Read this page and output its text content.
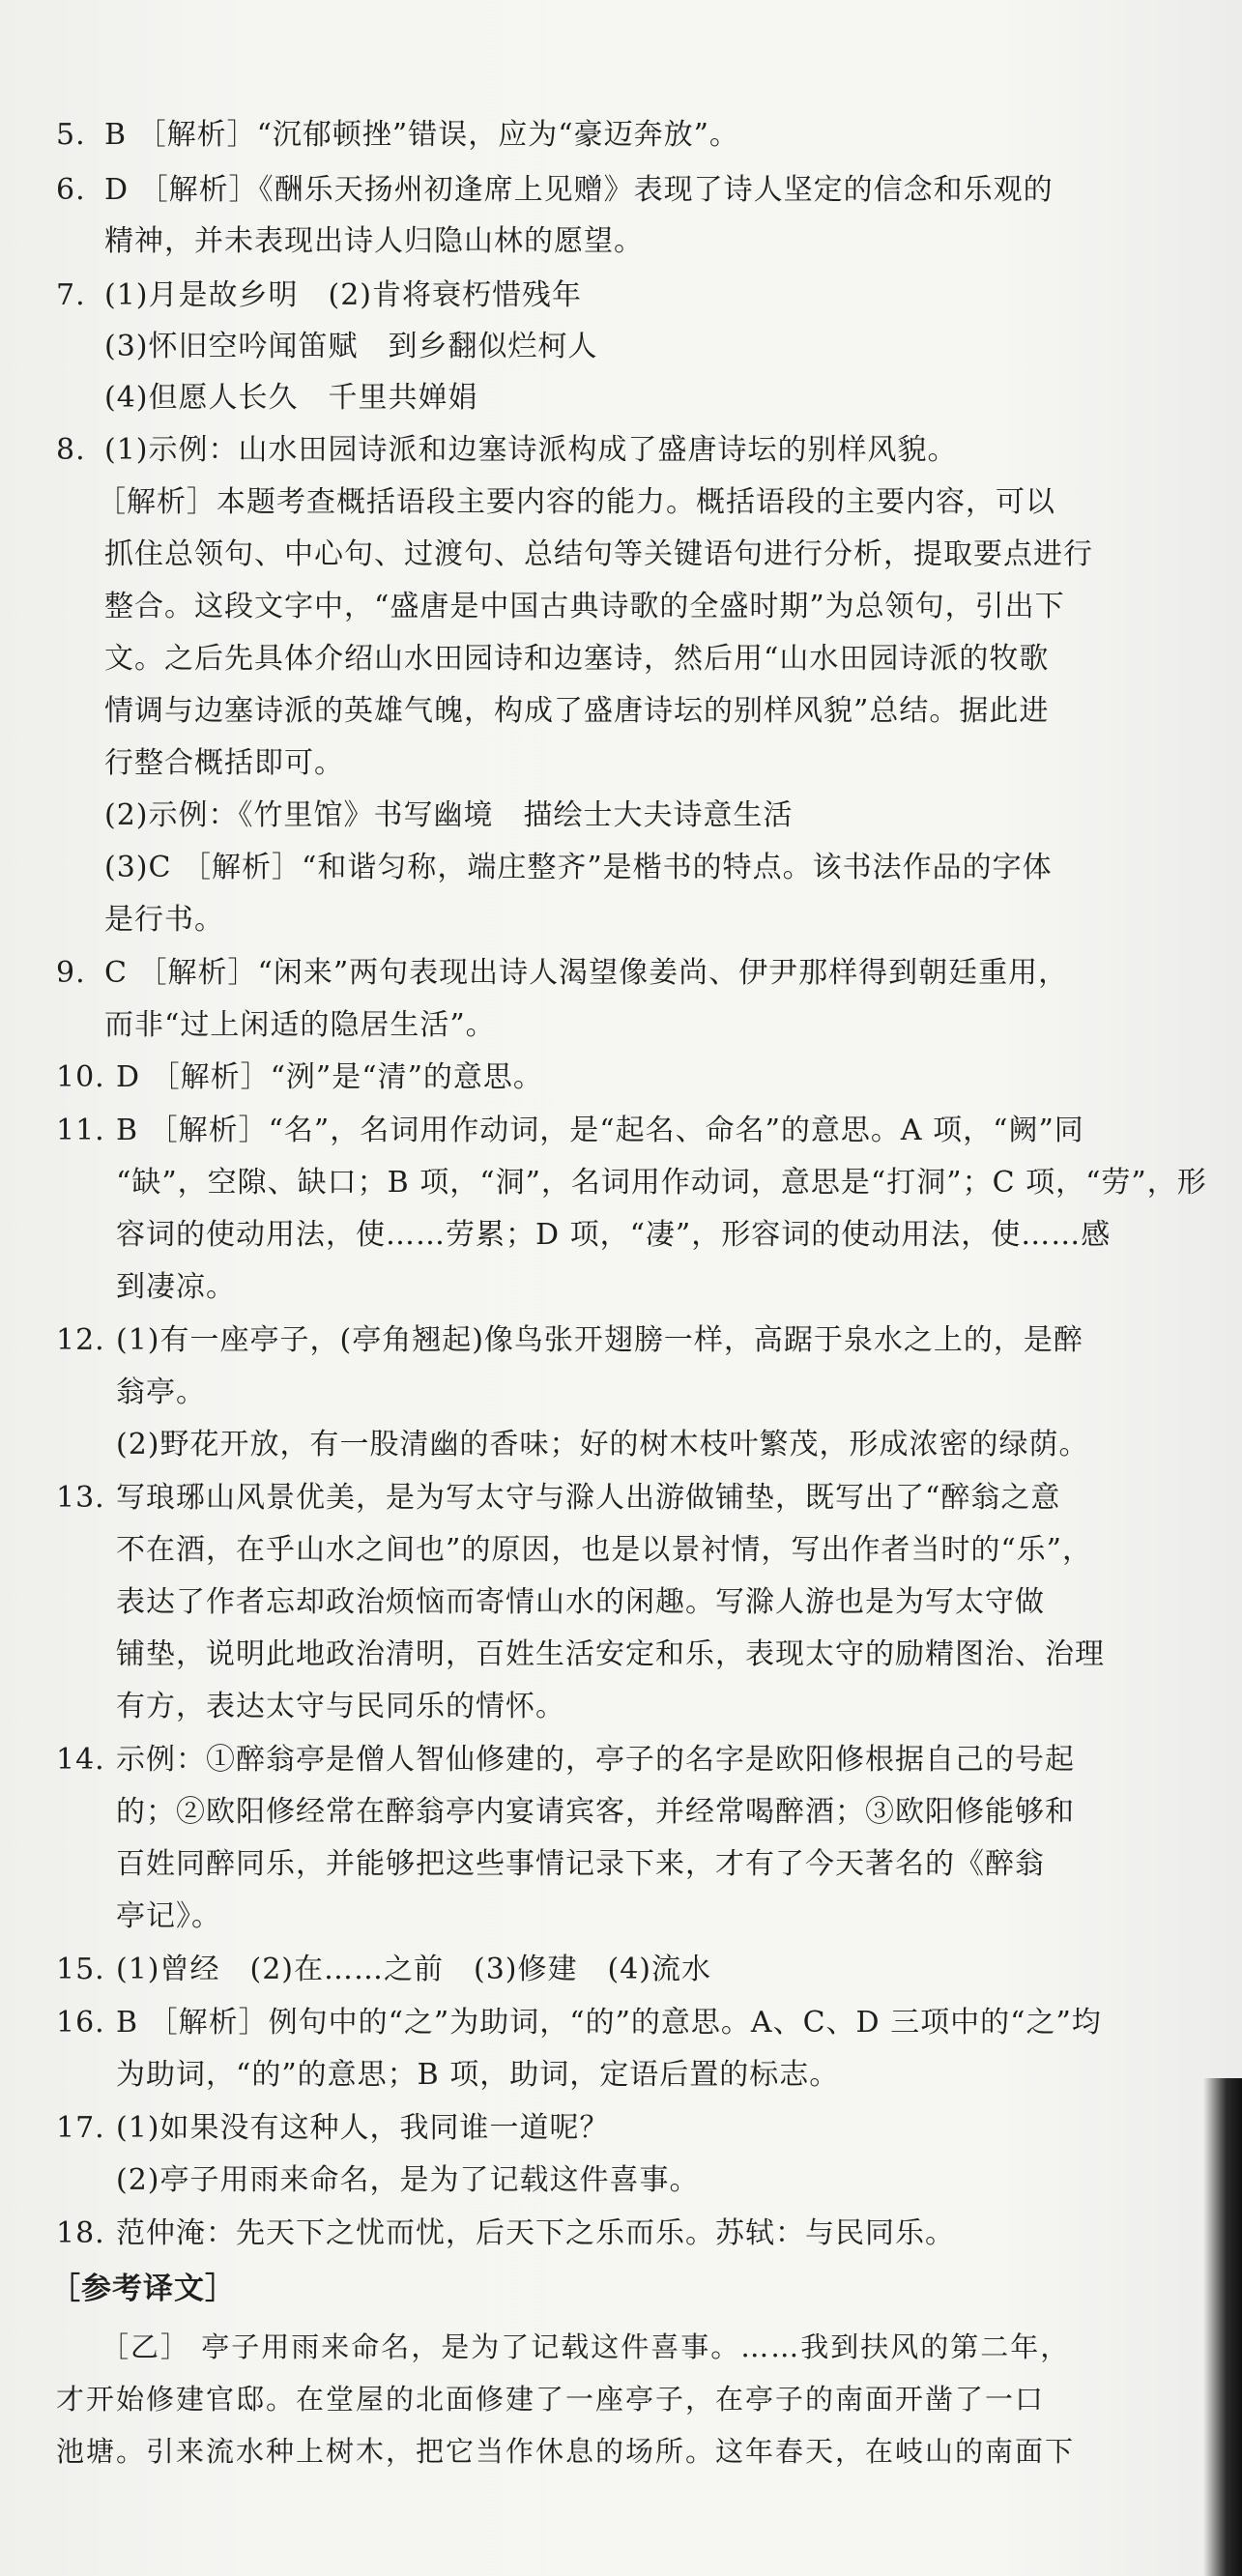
5. B ［解析］“沉郁顿挫”错误，应为“豪迈奔放”。
6. D ［解析］《酬乐天扬州初逢席上见赠》表现了诗人坚定的信念和乐观的
精神，并未表现出诗人归隐山林的愿望。
7. (1)月是故乡明　(2)肯将衰朽惜残年
(3)怀旧空吟闻笛赋　到乡翻似烂柯人
(4)但愿人长久　千里共婵娟
8. (1)示例：山水田园诗派和边塞诗派构成了盛唐诗坛的别样风貌。
［解析］本题考查概括语段主要内容的能力。概括语段的主要内容，可以
抓住总领句、中心句、过渡句、总结句等关键语句进行分析，提取要点进行
整合。这段文字中，“盛唐是中国古典诗歌的全盛时期”为总领句，引出下
文。之后先具体介绍山水田园诗和边塞诗，然后用“山水田园诗派的牧歌
情调与边塞诗派的英雄气魄，构成了盛唐诗坛的别样风貌”总结。据此进
行整合概括即可。
(2)示例：《竹里馆》书写幽境　描绘士大夫诗意生活
(3)C ［解析］“和谐匀称，端庄整齐”是楷书的特点。该书法作品的字体
是行书。
9. C ［解析］“闲来”两句表现出诗人渴望像姜尚、伊尹那样得到朝廷重用，
而非“过上闲适的隐居生活”。
10. D ［解析］“洌”是“清”的意思。
11. B ［解析］“名”，名词用作动词，是“起名、命名”的意思。A 项，“阙”同
“缺”，空隙、缺口；B 项，“洞”，名词用作动词，意思是“打洞”；C 项，“劳”，形
容词的使动用法，使……劳累；D 项，“凄”，形容词的使动用法，使……感
到凄凉。
12. (1)有一座亭子，(亭角翘起)像鸟张开翅膀一样，高踞于泉水之上的，是醉
翁亭。
(2)野花开放，有一股清幽的香味；好的树木枝叶繁茂，形成浓密的绿荫。
13. 写琅琊山风景优美，是为写太守与滁人出游做铺垫，既写出了“醉翁之意
不在酒，在乎山水之间也”的原因，也是以景衬情，写出作者当时的“乐”，
表达了作者忘却政治烦恼而寄情山水的闲趣。写滁人游也是为写太守做
铺垫，说明此地政治清明，百姓生活安定和乐，表现太守的励精图治、治理
有方，表达太守与民同乐的情怀。
14. 示例：①醉翁亭是僧人智仙修建的，亭子的名字是欧阳修根据自己的号起
的；②欧阳修经常在醉翁亭内宴请宾客，并经常喝醉酒；③欧阳修能够和
百姓同醉同乐，并能够把这些事情记录下来，才有了今天著名的《醉翁
亭记》。
15. (1)曾经　(2)在……之前　(3)修建　(4)流水
16. B ［解析］例句中的“之”为助词，“的”的意思。A、C、D 三项中的“之”均
为助词，“的”的意思；B 项，助词，定语后置的标志。
17. (1)如果没有这种人，我同谁一道呢？
(2)亭子用雨来命名，是为了记载这件喜事。
18. 范仲淹：先天下之忧而忧，后天下之乐而乐。苏轼：与民同乐。
［参考译文］
［乙］ 亭子用雨来命名，是为了记载这件喜事。……我到扶风的第二年，
才开始修建官邸。在堂屋的北面修建了一座亭子，在亭子的南面开凿了一口
池塘。引来流水种上树木，把它当作休息的场所。这年春天，在岐山的南面下
